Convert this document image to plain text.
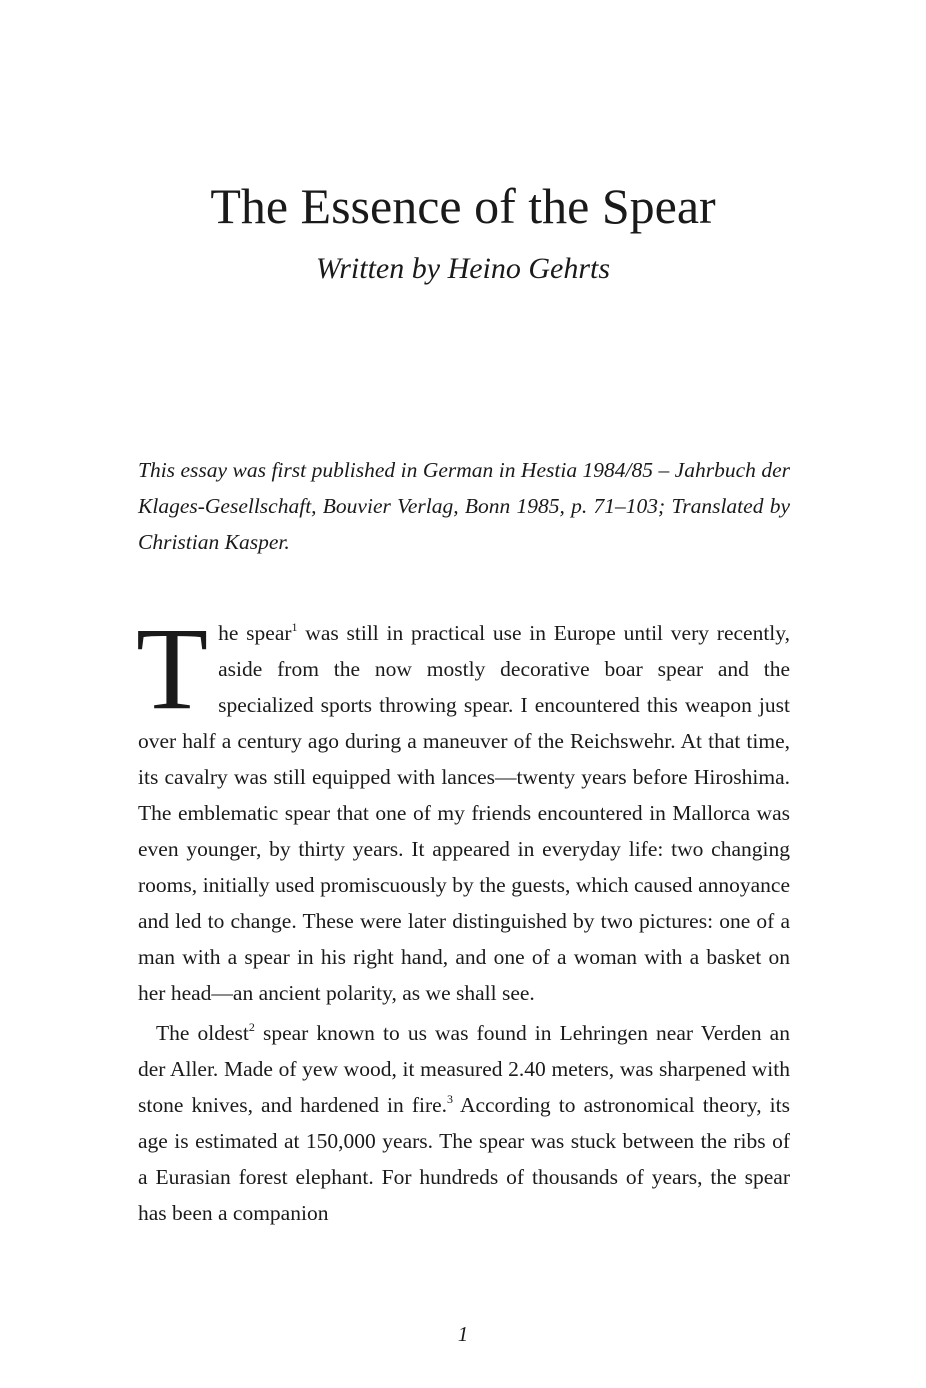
The Essence of the Spear

Written by Heino Gehrts

This essay was first published in German in Hestia 1984/85 – Jahrbuch der Klages-Gesellschaft, Bouvier Verlag, Bonn 1985, p. 71–103; Translated by Christian Kasper.

The spear$^1$ was still in practical use in Europe until very recently, aside from the now mostly decorative boar spear and the specialized sports throwing spear. I encountered this weapon just over half a century ago during a maneuver of the Reichswehr. At that time, its cavalry was still equipped with lances—twenty years before Hiroshima. The emblematic spear that one of my friends encountered in Mallorca was even younger, by thirty years. It appeared in everyday life: two changing rooms, initially used promiscuously by the guests, which caused annoyance and led to change. These were later distinguished by two pictures: one of a man with a spear in his right hand, and one of a woman with a basket on her head—an ancient polarity, as we shall see.

The oldest$^2$ spear known to us was found in Lehringen near Verden an der Aller. Made of yew wood, it measured 2.40 meters, was sharpened with stone knives, and hardened in fire.$^3$ According to astronomical theory, its age is estimated at 150,000 years. The spear was stuck between the ribs of a Eurasian forest elephant. For hundreds of thousands of years, the spear has been a companion

1
